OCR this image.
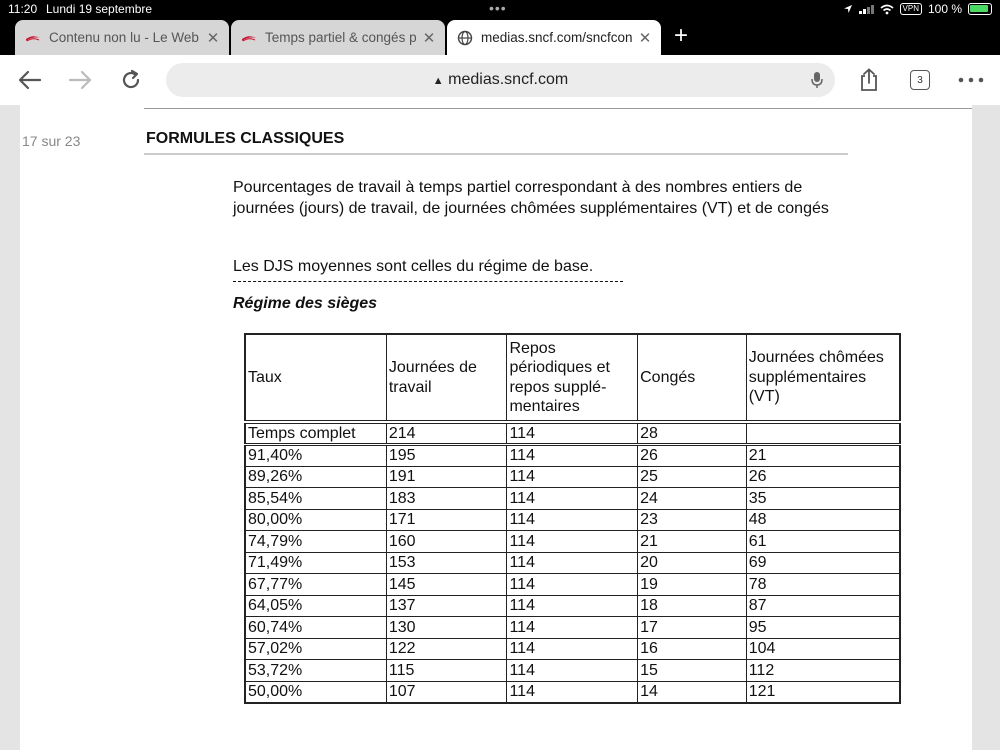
11:20 Lundi 19 septembre	•••	VPN 100 %
Contenu non lu - Le Web ✕	Temps partiel & congés p ✕	medias.sncf.com/sncfcon ✕ +
▲ medias.sncf.com	3
17 sur 23	FORMULES CLASSIQUES
Pourcentages de travail à temps partiel correspondant à des nombres entiers de journées (jours) de travail, de journées chômées supplémentaires (VT) et de congés
Les DJS moyennes sont celles du régime de base.
Régime des sièges
Taux	Journées de travail	Repos périodiques et repos supplé-mentaires	Congés	Journées chômées supplémentaires (VT)
Temps complet	214	114	28	
91,40%	195	114	26	21
89,26%	191	114	25	26
85,54%	183	114	24	35
80,00%	171	114	23	48
74,79%	160	114	21	61
71,49%	153	114	20	69
67,77%	145	114	19	78
64,05%	137	114	18	87
60,74%	130	114	17	95
57,02%	122	114	16	104
53,72%	115	114	15	112
50,00%	107	114	14	121
